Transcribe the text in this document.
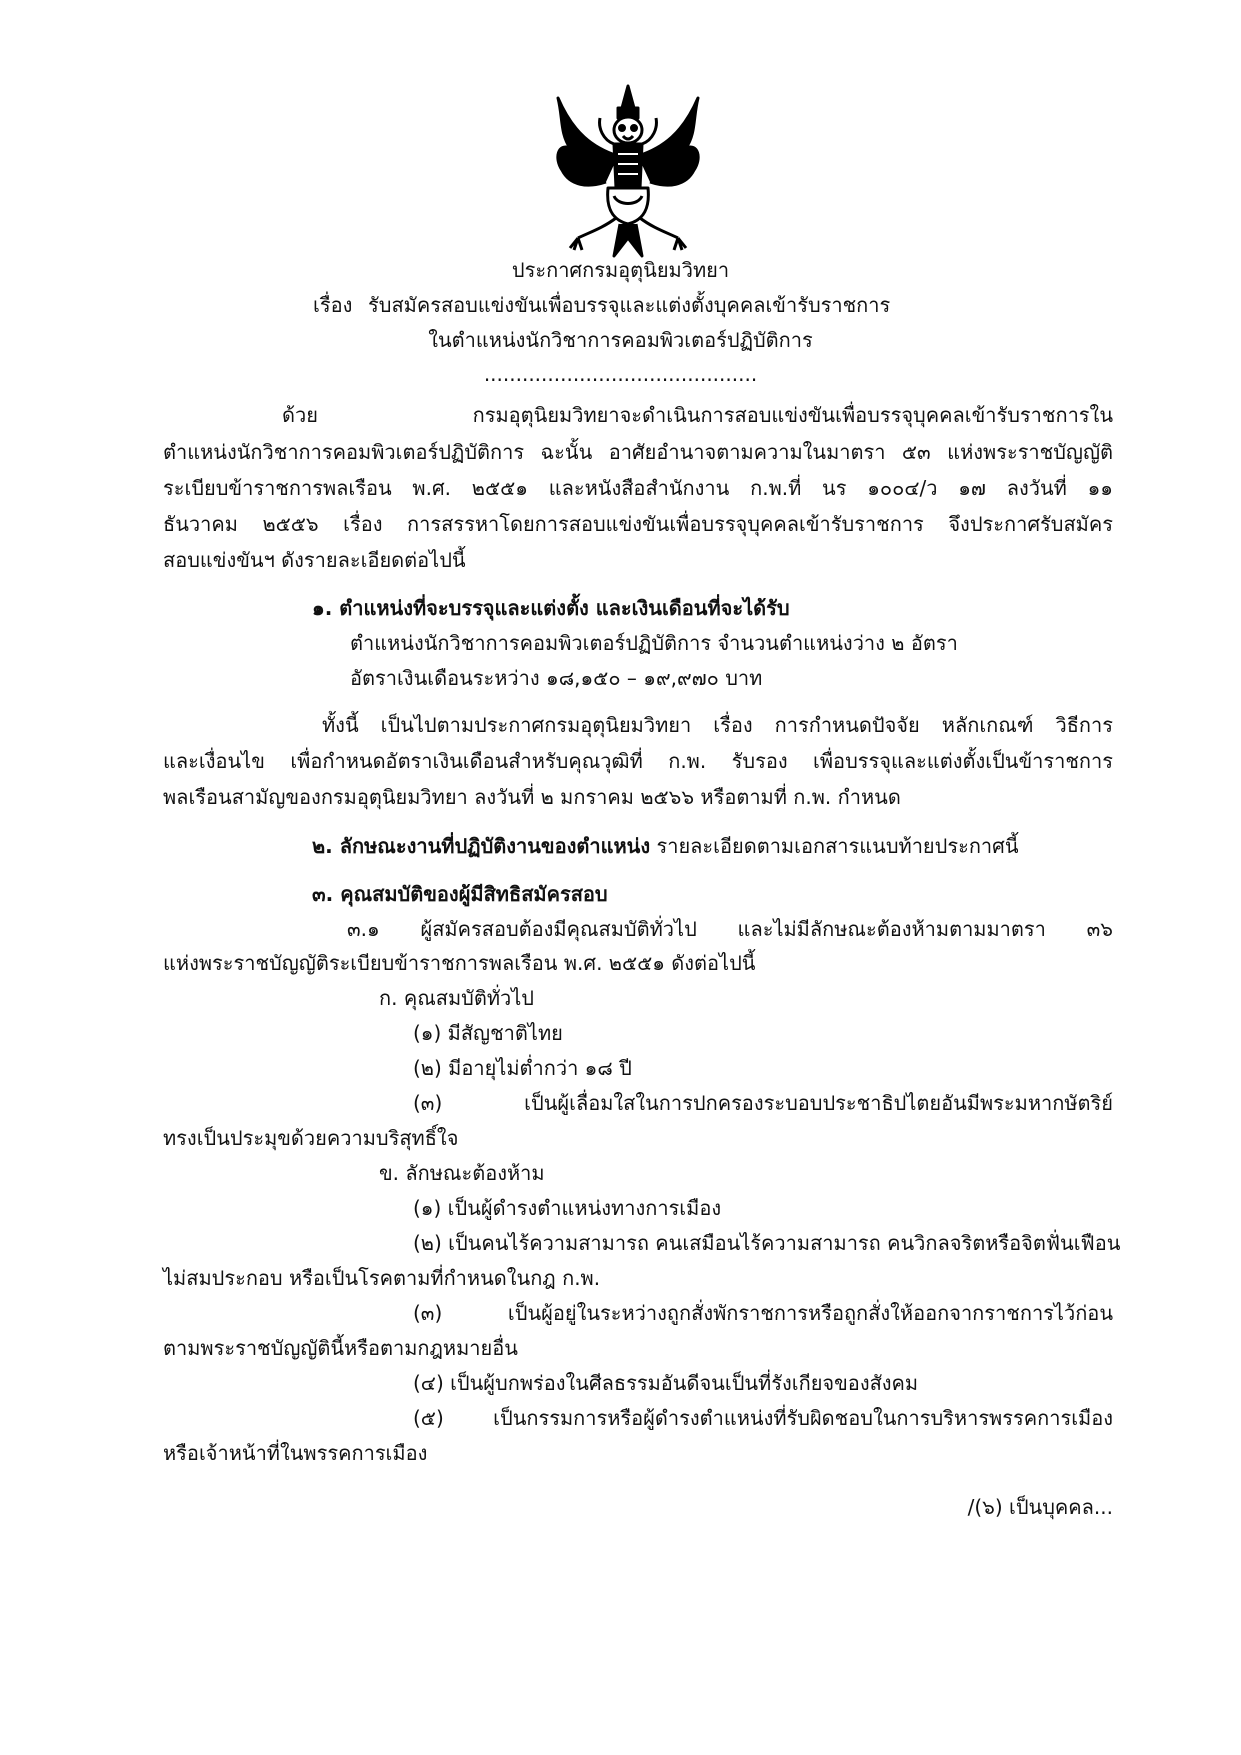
ประกาศกรมอุตุนิยมวิทยา
เรื่อง รับสมัครสอบแข่งขันเพื่อบรรจุและแต่งตั้งบุคคลเข้ารับราชการ
ในตำแหน่งนักวิชาการคอมพิวเตอร์ปฏิบัติการ
...........................................
ด้วย กรมอุตุนิยมวิทยาจะดำเนินการสอบแข่งขันเพื่อบรรจุบุคคลเข้ารับราชการใน
ตำแหน่งนักวิชาการคอมพิวเตอร์ปฏิบัติการ ฉะนั้น อาศัยอำนาจตามความในมาตรา ๕๓ แห่งพระราชบัญญัติ
ระเบียบข้าราชการพลเรือน พ.ศ. ๒๕๕๑ และหนังสือสำนักงาน ก.พ.ที่ นร ๑๐๐๔/ว ๑๗ ลงวันที่ ๑๑
ธันวาคม ๒๕๕๖ เรื่อง การสรรหาโดยการสอบแข่งขันเพื่อบรรจุบุคคลเข้ารับราชการ จึงประกาศรับสมัคร
สอบแข่งขันฯ ดังรายละเอียดต่อไปนี้
๑. ตำแหน่งที่จะบรรจุและแต่งตั้ง และเงินเดือนที่จะได้รับ
ตำแหน่งนักวิชาการคอมพิวเตอร์ปฏิบัติการ จำนวนตำแหน่งว่าง ๒ อัตรา
อัตราเงินเดือนระหว่าง ๑๘,๑๕๐ – ๑๙,๙๗๐ บาท
ทั้งนี้ เป็นไปตามประกาศกรมอุตุนิยมวิทยา เรื่อง การกำหนดปัจจัย หลักเกณฑ์ วิธีการ
และเงื่อนไข เพื่อกำหนดอัตราเงินเดือนสำหรับคุณวุฒิที่ ก.พ. รับรอง เพื่อบรรจุและแต่งตั้งเป็นข้าราชการ
พลเรือนสามัญของกรมอุตุนิยมวิทยา ลงวันที่ ๒ มกราคม ๒๕๖๖ หรือตามที่ ก.พ. กำหนด
๒. ลักษณะงานที่ปฏิบัติงานของตำแหน่ง รายละเอียดตามเอกสารแนบท้ายประกาศนี้
๓. คุณสมบัติของผู้มีสิทธิสมัครสอบ
๓.๑ ผู้สมัครสอบต้องมีคุณสมบัติทั่วไป และไม่มีลักษณะต้องห้ามตามมาตรา ๓๖
แห่งพระราชบัญญัติระเบียบข้าราชการพลเรือน พ.ศ. ๒๕๕๑ ดังต่อไปนี้
ก. คุณสมบัติทั่วไป
(๑) มีสัญชาติไทย
(๒) มีอายุไม่ต่ำกว่า ๑๘ ปี
(๓) เป็นผู้เลื่อมใสในการปกครองระบอบประชาธิปไตยอันมีพระมหากษัตริย์
ทรงเป็นประมุขด้วยความบริสุทธิ์ใจ
ข. ลักษณะต้องห้าม
(๑) เป็นผู้ดำรงตำแหน่งทางการเมือง
(๒) เป็นคนไร้ความสามารถ คนเสมือนไร้ความสามารถ คนวิกลจริตหรือจิตฟั่นเฟือน
ไม่สมประกอบ หรือเป็นโรคตามที่กำหนดในกฎ ก.พ.
(๓) เป็นผู้อยู่ในระหว่างถูกสั่งพักราชการหรือถูกสั่งให้ออกจากราชการไว้ก่อน
ตามพระราชบัญญัตินี้หรือตามกฎหมายอื่น
(๔) เป็นผู้บกพร่องในศีลธรรมอันดีจนเป็นที่รังเกียจของสังคม
(๕) เป็นกรรมการหรือผู้ดำรงตำแหน่งที่รับผิดชอบในการบริหารพรรคการเมือง
หรือเจ้าหน้าที่ในพรรคการเมือง
/(๖) เป็นบุคคล...
